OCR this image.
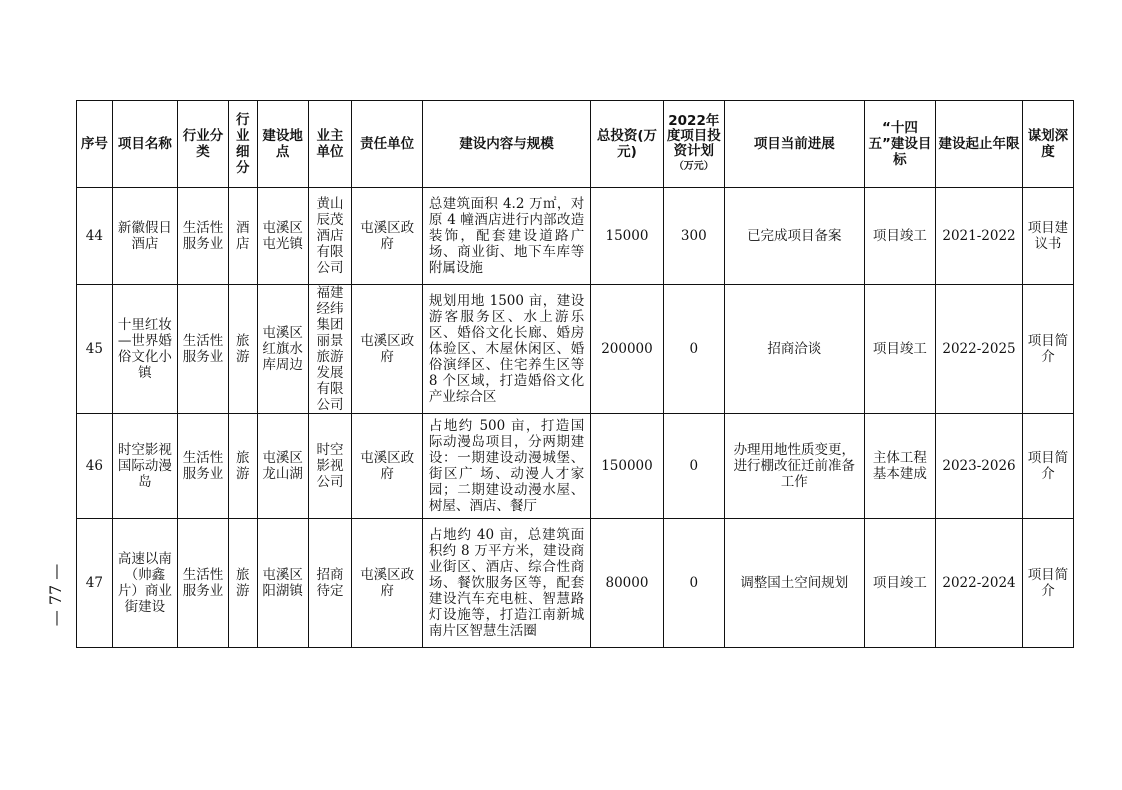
— 77 —
序号	项目名称	行业分类	行业细分	建设地点	业主单位	责任单位	建设内容与规模	总投资(万元)	2022年度项目投资计划
（万元）	项目当前进展	“十四五”建设目标	建设起止年限	谋划深度
44	新徽假日酒店	生活性服务业	酒店	屯溪区屯光镇	黄山辰茂酒店有限公司	屯溪区政府	总建筑面积 4.2 万㎡，对原 4 幢酒店进行内部改造装饰，配套建设道路广场、商业街、地下车库等附属设施	15000	300	已完成项目备案	项目竣工	2021-2022	项目建议书
45	十里红妆—世界婚俗文化小镇	生活性服务业	旅游	屯溪区红旗水库周边	福建经纬集团丽景旅游发展有限公司	屯溪区政府	规划用地 1500 亩，建设游客服务区、水上游乐区、婚俗文化长廊、婚房体验区、木屋休闲区、婚俗演绎区、住宅养生区等 8 个区域，打造婚俗文化产业综合区	200000	0	招商洽谈	项目竣工	2022-2025	项目简介
46	时空影视国际动漫岛	生活性服务业	旅游	屯溪区龙山湖	时空影视公司	屯溪区政府	占地约 500 亩，打造国际动漫岛项目，分两期建设：一期建设动漫城堡、街区广 场、动漫人才家园；二期建设动漫水屋、树屋、酒店、餐厅	150000	0	办理用地性质变更，进行棚改征迁前准备工作	主体工程基本建成	2023-2026	项目简介
47	高速以南（帅鑫片）商业街建设	生活性服务业	旅游	屯溪区阳湖镇	招商待定	屯溪区政府	占地约 40 亩，总建筑面积约 8 万平方米，建设商业街区、酒店、综合性商场、餐饮服务区等，配套建设汽车充电桩、智慧路灯设施等，打造江南新城南片区智慧生活圈	80000	0	调整国土空间规划	项目竣工	2022-2024	项目简介
